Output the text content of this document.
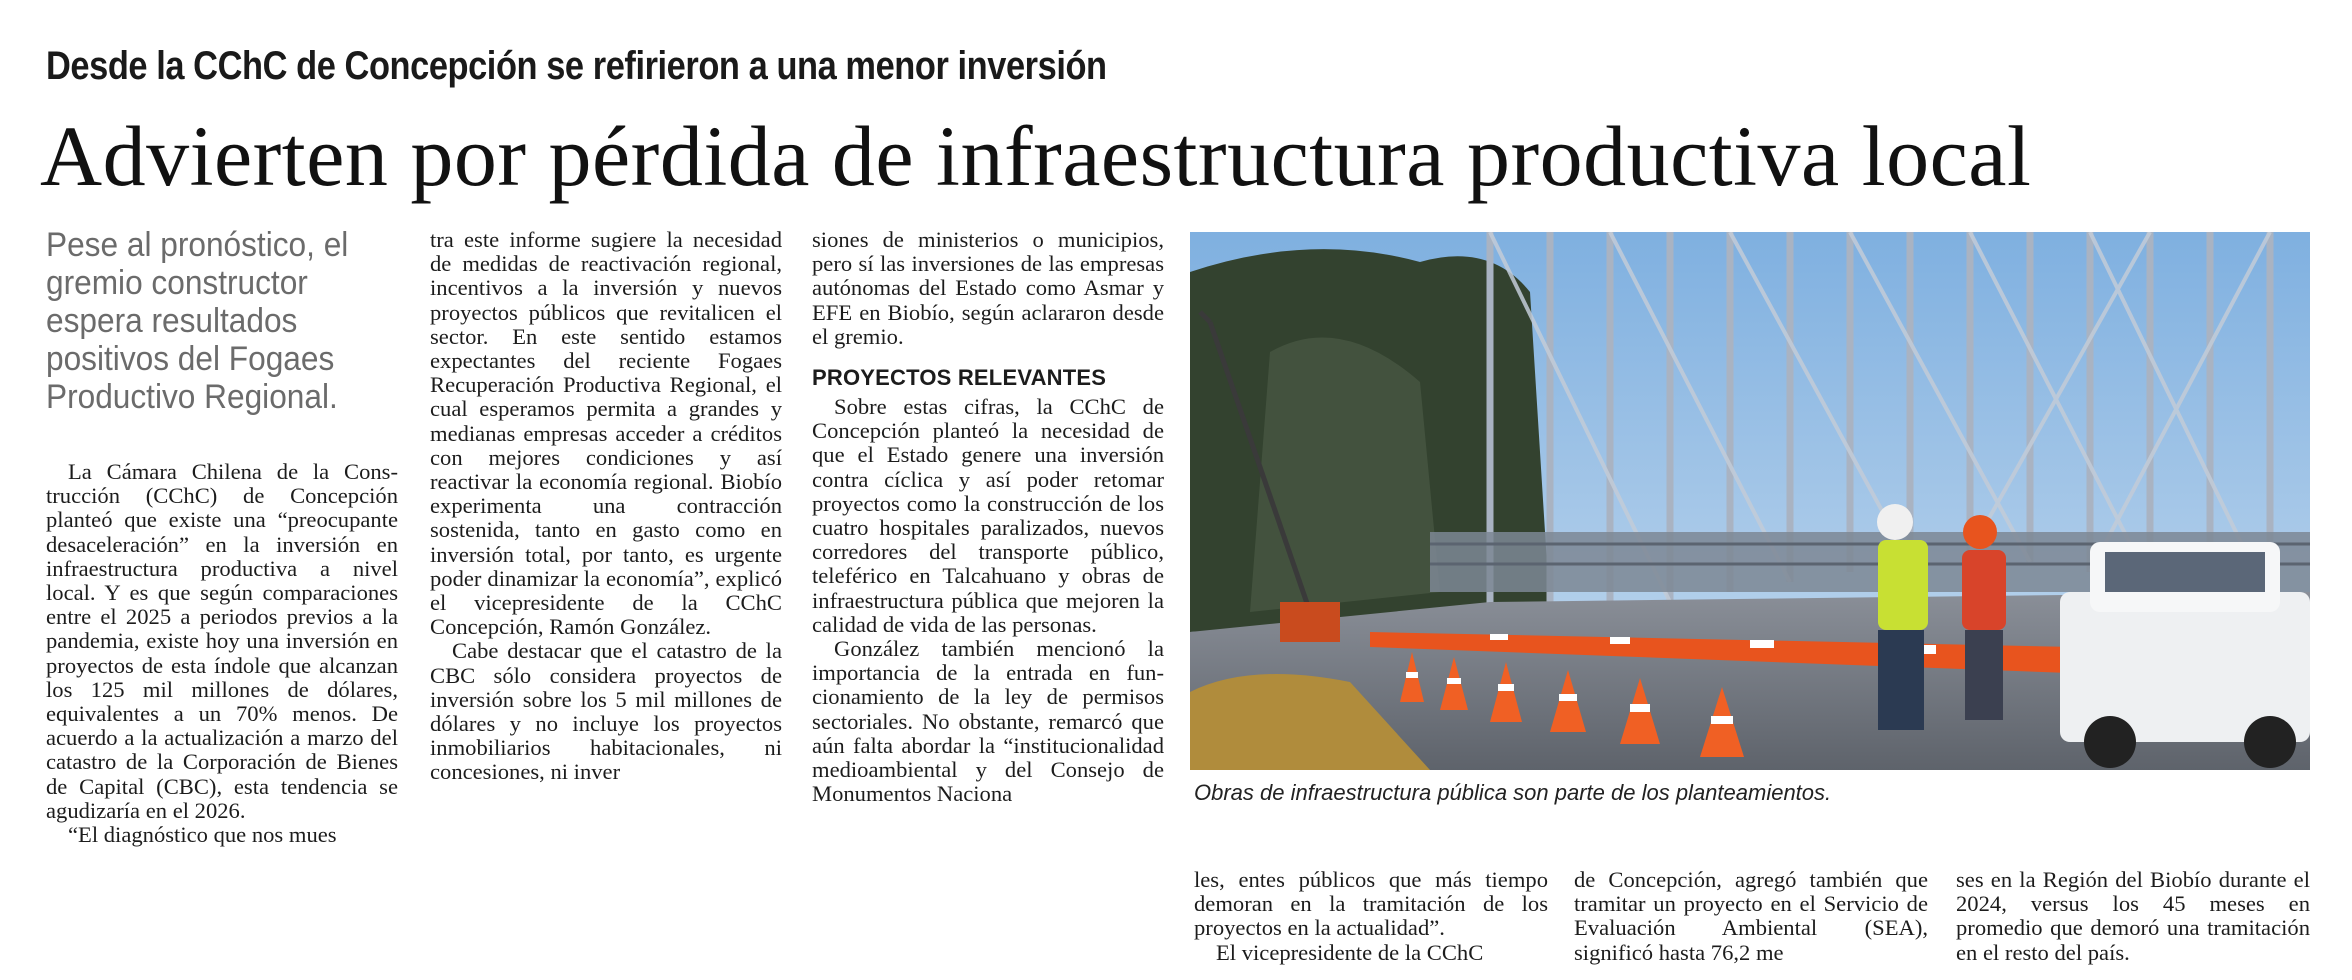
Desde la CChC de Concepción se refirieron a una menor inversión
Advierten por pérdida de infraestructura productiva local
Pese al pronóstico, el gremio constructor espera resultados positivos del Fogaes Productivo Regional.

La Cámara Chilena de la Construcción (CChC) de Concepción planteó que existe una “preocupante desaceleración” en la inversión en infraestructura productiva a nivel local. Y es que según comparaciones entre el 2025 a periodos previos a la pandemia, existe hoy una inversión en proyectos de esta índole que alcanzan los 125 mil millones de dólares, equivalentes a un 70% menos. De acuerdo a la actualización a marzo del catastro de la Corporación de Bienes de Capital (CBC), esta tendencia se agudizaría en el 2026.

“El diagnóstico que nos mues

tra este informe sugiere la necesidad de medidas de reactivación regional, incentivos a la inversión y nuevos proyectos públicos que revitalicen el sector. En este sentido estamos expectantes del reciente Fogaes Recuperación Productiva Regional, el cual esperamos permita a grandes y medianas empresas acceder a créditos con mejores condiciones y así reactivar la economía regional. Biobío experimenta una contracción sostenida, tanto en gasto como en inversión total, por tanto, es urgente poder dinamizar la economía”, explicó el vicepresidente de la CChC Concepción, Ramón González.

Cabe destacar que el catastro de la CBC sólo considera proyectos de inversión sobre los 5 mil millones de dólares y no incluye los proyectos inmobiliarios habitacionales, ni concesiones, ni inver

siones de ministerios o municipios, pero sí las inversiones de las empresas autónomas del Estado como Asmar y EFE en Biobío, según aclararon desde el gremio.

PROYECTOS RELEVANTES

Sobre estas cifras, la CChC de Concepción planteó la necesidad de que el Estado genere una inversión contra cíclica y así poder retomar proyectos como la construcción de los cuatro hospitales paralizados, nuevos corredores del transporte público, teleférico en Talcahuano y obras de infraestructura pública que mejoren la calidad de vida de las personas.

González también mencionó la importancia de la entrada en funcionamiento de la ley de permisos sectoriales. No obstante, remarcó que aún falta abordar la “institucionalidad medioambiental y del Consejo de Monumentos Naciona	Obras de infraestructura pública son parte de los planteamientos.

les, entes públicos que más tiempo demoran en la tramitación de los proyectos en la actualidad”.

El vicepresidente de la CChC

de Concepción, agregó también que tramitar un proyecto en el Servicio de Evaluación Ambiental (SEA), significó hasta 76,2 me

ses en la Región del Biobío durante el 2024, versus los 45 meses en promedio que demoró una tramitación en el resto del país.
